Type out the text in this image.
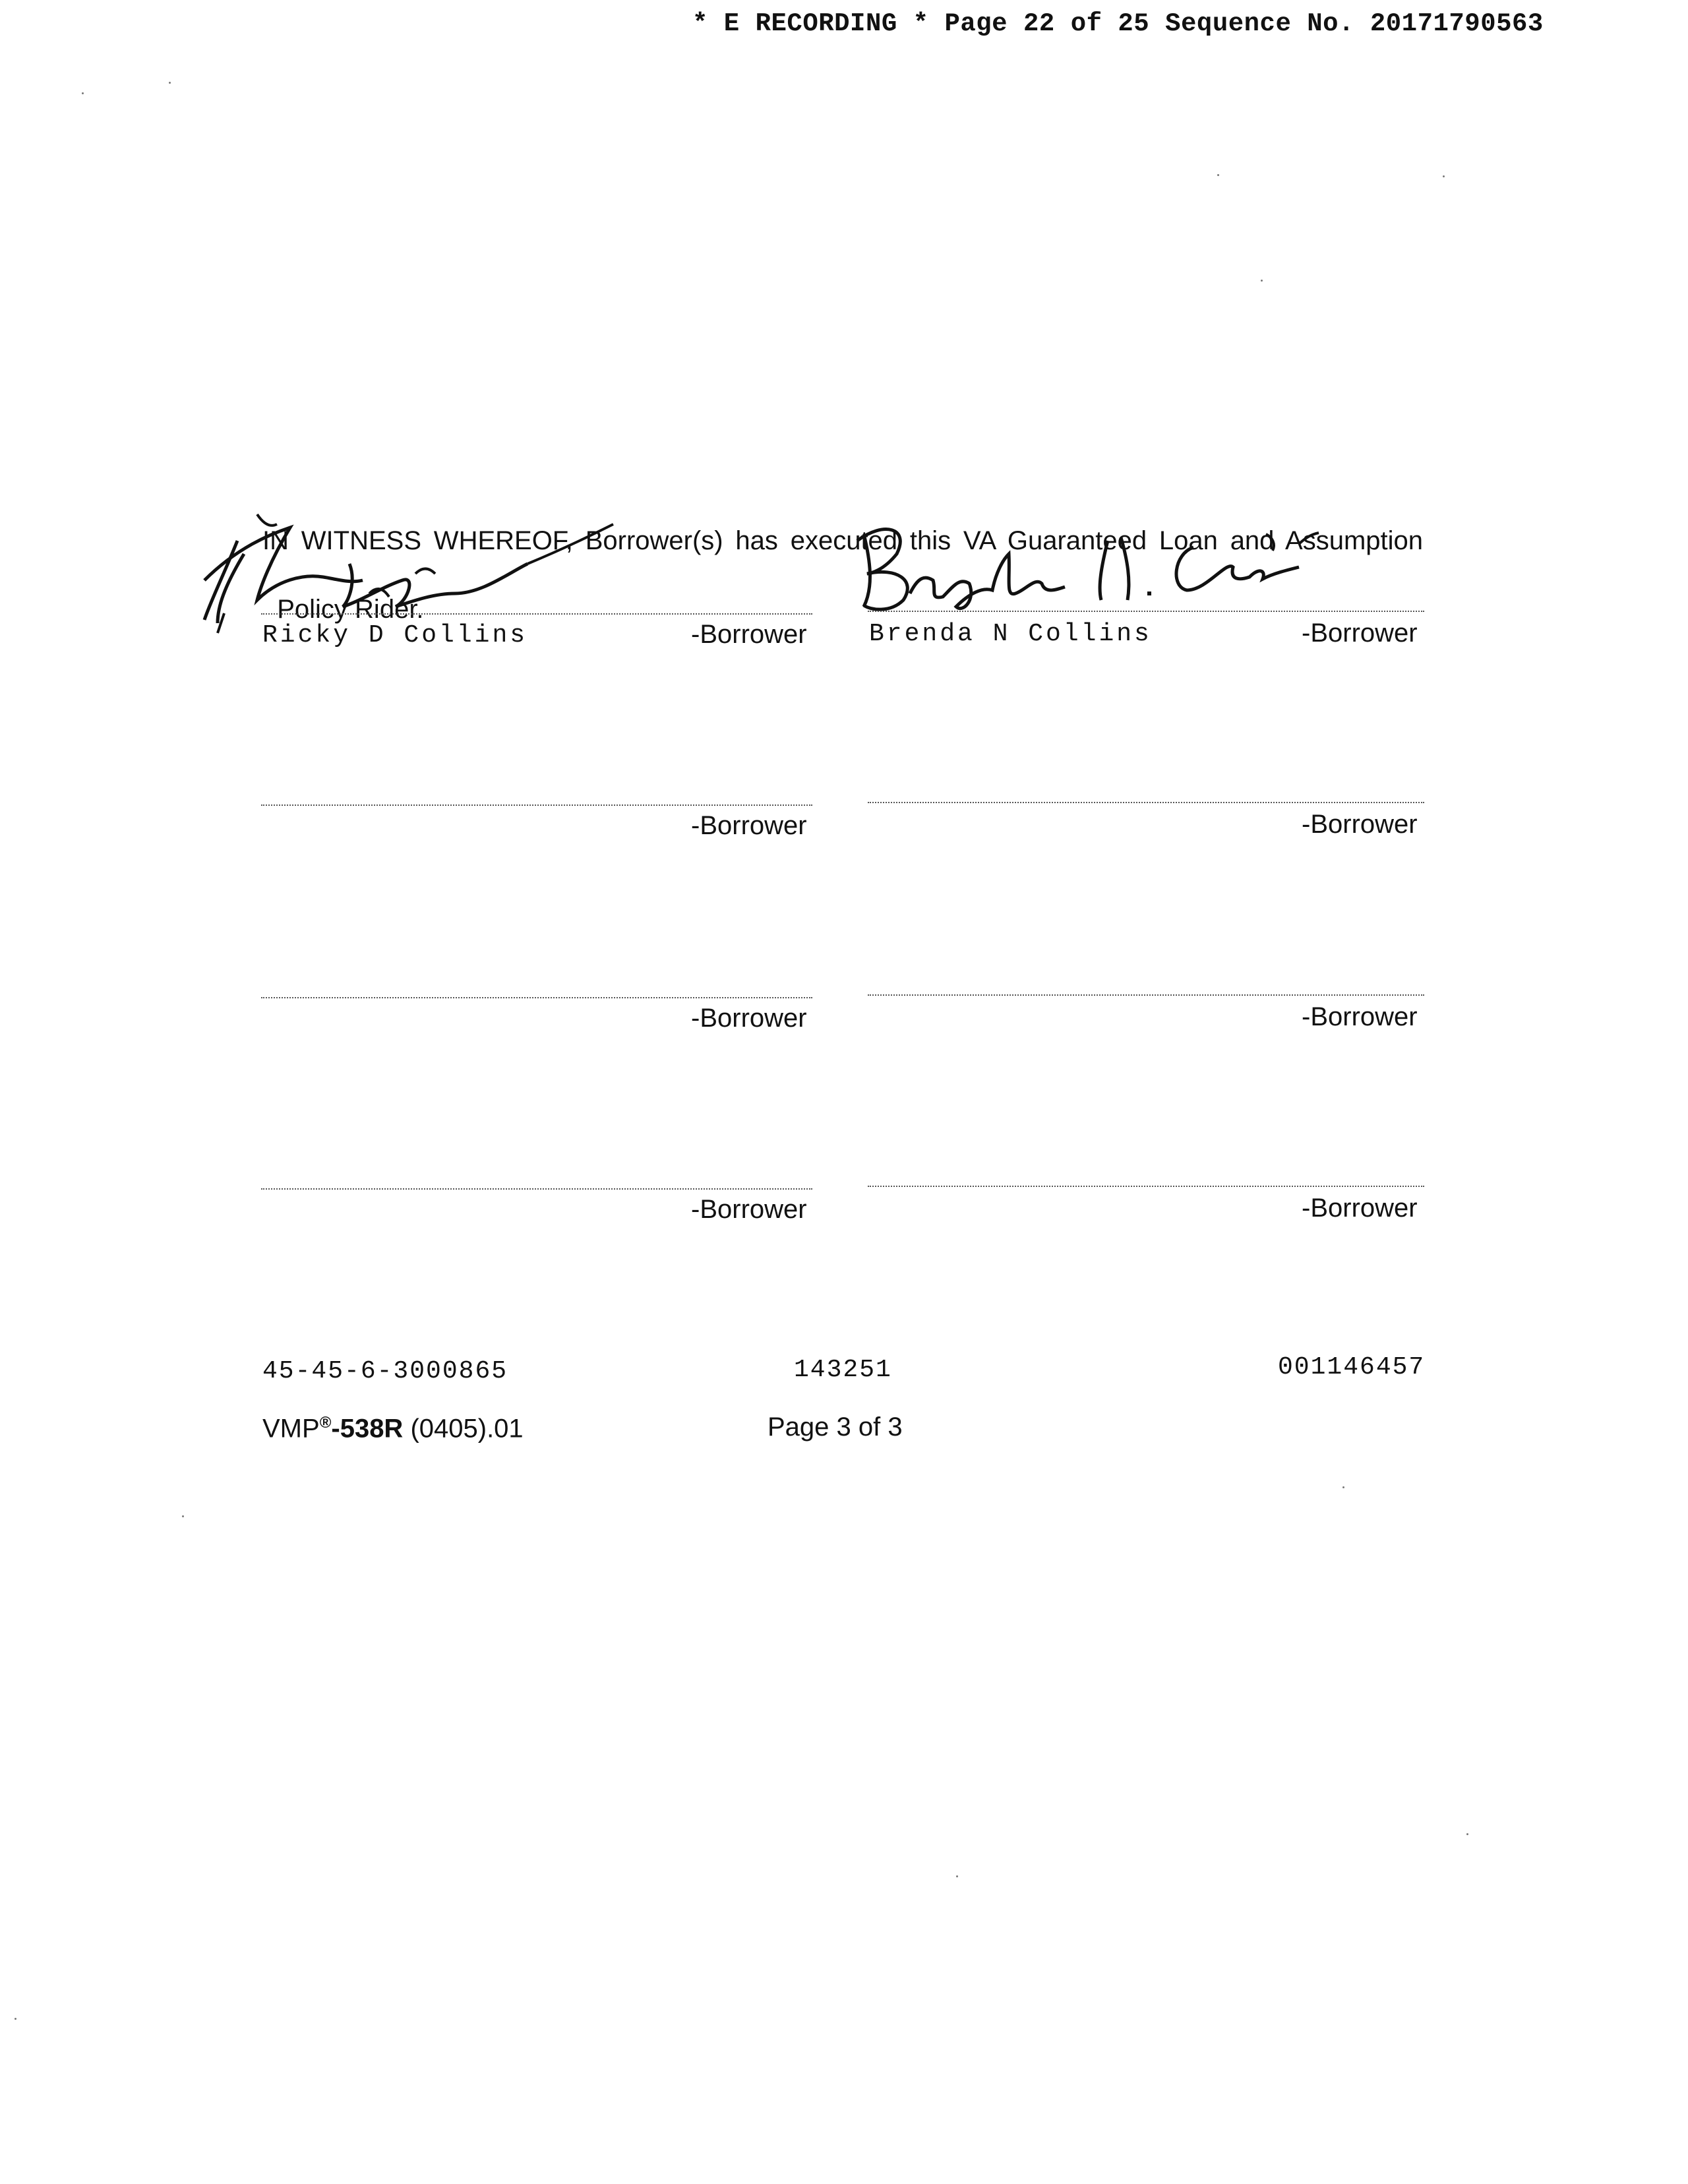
* E RECORDING * Page 22 of 25 Sequence No. 20171790563

IN WITNESS WHEREOF, Borrower(s) has executed this VA Guaranteed Loan and Assumption

Policy Rider.

Ricky D Collins	-Borrower Brenda N Collins	-Borrower
-Borrower	-Borrower
-Borrower	-Borrower
-Borrower	-Borrower
45-45-6-3000865	143251	001146457
VMP®-538R (0405).01	Page 3 of 3
